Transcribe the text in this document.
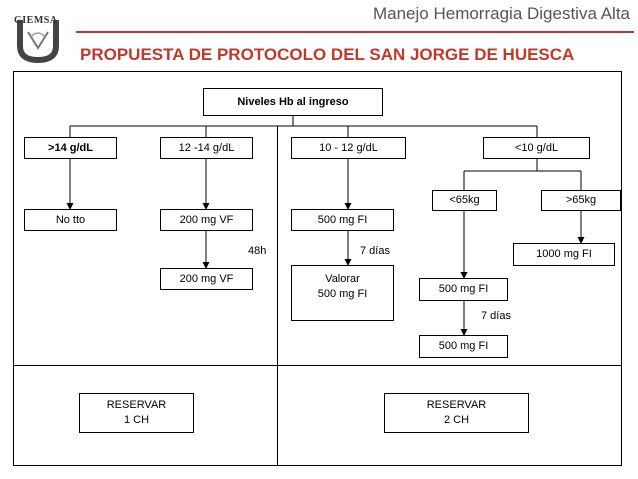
GIEMSA	Manejo Hemorragia Digestiva Alta
PROPUESTA DE PROTOCOLO DEL SAN JORGE DE HUESCA
Niveles Hb al ingreso
>14 g/dL	12 -14 g/dL	10 - 12 g/dL	<10 g/dL
<65kg	>65kg
No tto	200 mg VF
200 mg VF
500 mg FI
Valorar
500 mg FI
1000 mg FI
500 mg FI
500 mg FI
48h	7 días
7 días
RESERVAR
1 CH
RESERVAR
2 CH
